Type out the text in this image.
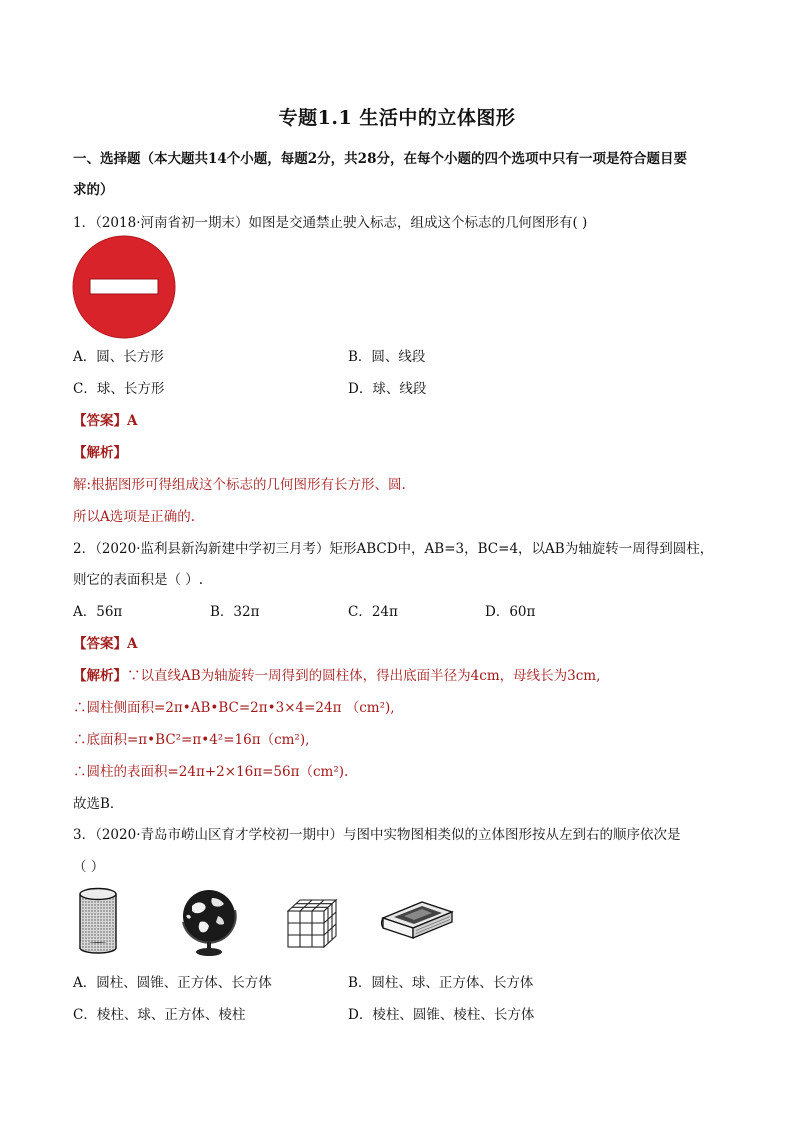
专题1.1 生活中的立体图形
一、选择题（本大题共14个小题，每题2分，共28分，在每个小题的四个选项中只有一项是符合题目要
求的）
1．（2018·河南省初一期末）如图是交通禁止驶入标志，组成这个标志的几何图形有( )
A．圆、长方形	B．圆、线段
C．球、长方形	D．球、线段
【答案】A
【解析】
解:根据图形可得组成这个标志的几何图形有长方形、圆.
所以A选项是正确的.
2．（2020·监利县新沟新建中学初三月考）矩形ABCD中，AB=3，BC=4，以AB为轴旋转一周得到圆柱，
则它的表面积是（ ）.
A．56π	B．32π	C．24π	D．60π
【答案】A
【解析】∵以直线AB为轴旋转一周得到的圆柱体，得出底面半径为4cm，母线长为3cm,
∴圆柱侧面积=2π•AB•BC=2π•3×4=24π （cm²),
∴底面积=π•BC²=π•4²=16π（cm²),
∴圆柱的表面积=24π+2×16π=56π（cm²).
故选B．
3．（2020·青岛市崂山区育才学校初一期中）与图中实物图相类似的立体图形按从左到右的顺序依次是
（ ）
A．圆柱、圆锥、正方体、长方体	B．圆柱、球、正方体、长方体
C．棱柱、球、正方体、棱柱	D．棱柱、圆锥、棱柱、长方体
